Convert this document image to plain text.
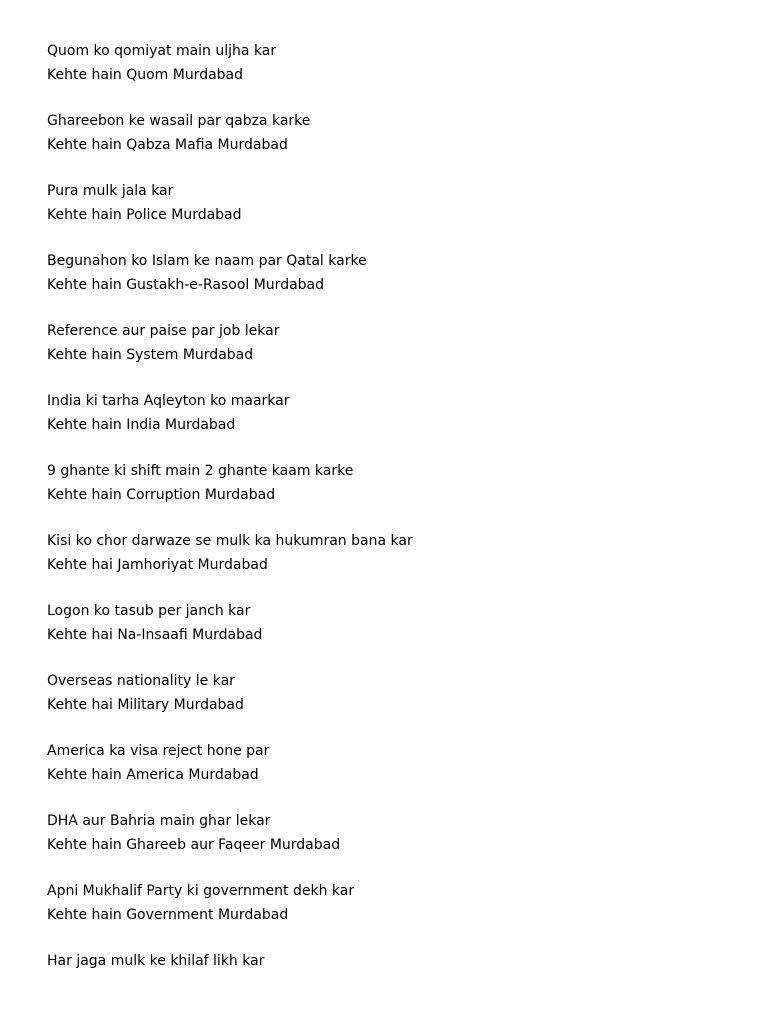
Quom ko qomiyat main uljha kar
Kehte hain Quom Murdabad
Ghareebon ke wasail par qabza karke
Kehte hain Qabza Mafia Murdabad
Pura mulk jala kar
Kehte hain Police Murdabad
Begunahon ko Islam ke naam par Qatal karke
Kehte hain Gustakh-e-Rasool Murdabad
Reference aur paise par job lekar
Kehte hain System Murdabad
India ki tarha Aqleyton ko maarkar
Kehte hain India Murdabad
9 ghante ki shift main 2 ghante kaam karke
Kehte hain Corruption Murdabad
Kisi ko chor darwaze se mulk ka hukumran bana kar
Kehte hai Jamhoriyat Murdabad
Logon ko tasub per janch kar
Kehte hai Na-Insaafi Murdabad
Overseas nationality le kar
Kehte hai Military Murdabad
America ka visa reject hone par
Kehte hain America Murdabad
DHA aur Bahria main ghar lekar
Kehte hain Ghareeb aur Faqeer Murdabad
Apni Mukhalif Party ki government dekh kar
Kehte hain Government Murdabad
Har jaga mulk ke khilaf likh kar
